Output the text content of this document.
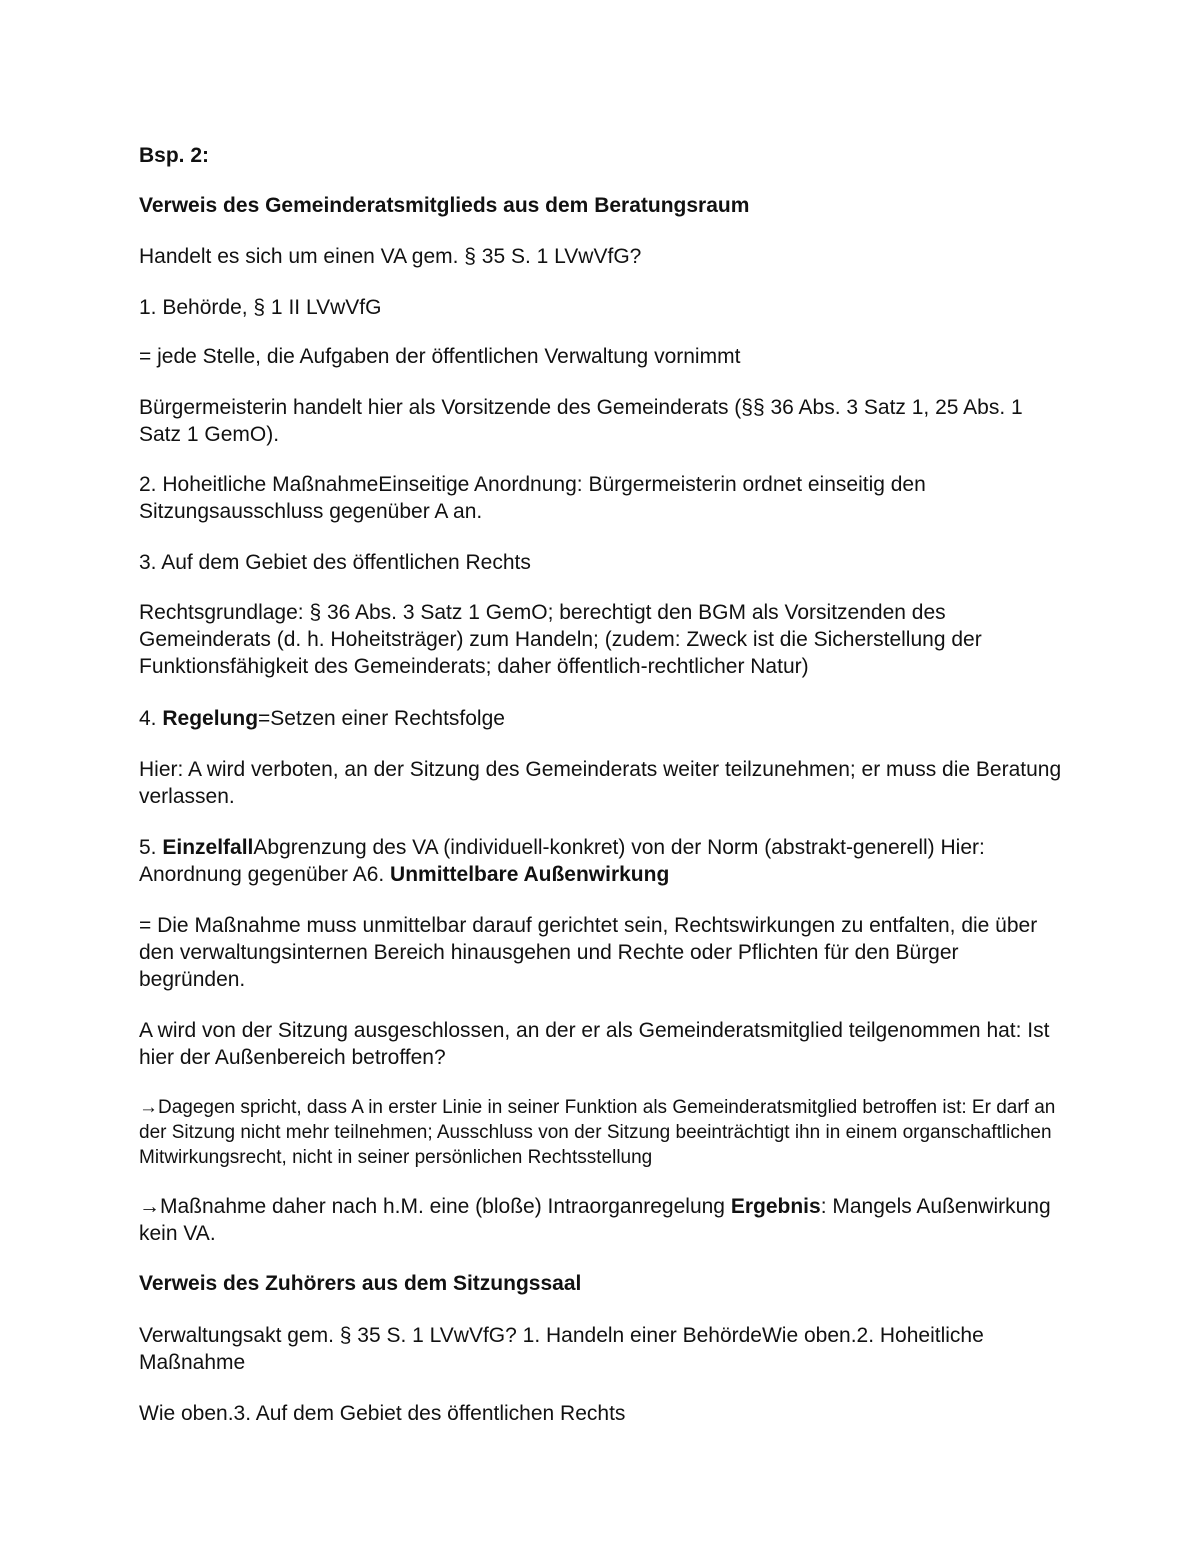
Bsp. 2:

Verweis des Gemeinderatsmitglieds aus dem Beratungsraum

Handelt es sich um einen VA gem. § 35 S. 1 LVwVfG?

1. Behörde, § 1 II LVwVfG

= jede Stelle, die Aufgaben der öffentlichen Verwaltung vornimmt

Bürgermeisterin handelt hier als Vorsitzende des Gemeinderats (§§ 36 Abs. 3 Satz 1, 25 Abs. 1 Satz 1 GemO).

2. Hoheitliche MaßnahmeEinseitige Anordnung: Bürgermeisterin ordnet einseitig den Sitzungsausschluss gegenüber A an.

3. Auf dem Gebiet des öffentlichen Rechts

Rechtsgrundlage: § 36 Abs. 3 Satz 1 GemO; berechtigt den BGM als Vorsitzenden des Gemeinderats (d. h. Hoheitsträger) zum Handeln; (zudem: Zweck ist die Sicherstellung der Funktionsfähigkeit des Gemeinderats; daher öffentlich-rechtlicher Natur)

4. Regelung=Setzen einer Rechtsfolge

Hier: A wird verboten, an der Sitzung des Gemeinderats weiter teilzunehmen; er muss die Beratung verlassen.

5. EinzelfallAbgrenzung des VA (individuell-konkret) von der Norm (abstrakt-generell) Hier: Anordnung gegenüber A6. Unmittelbare Außenwirkung

= Die Maßnahme muss unmittelbar darauf gerichtet sein, Rechtswirkungen zu entfalten, die über den verwaltungsinternen Bereich hinausgehen und Rechte oder Pflichten für den Bürger begründen.

A wird von der Sitzung ausgeschlossen, an der er als Gemeinderatsmitglied teilgenommen hat: Ist hier der Außenbereich betroffen?

→Dagegen spricht, dass A in erster Linie in seiner Funktion als Gemeinderatsmitglied betroffen ist: Er darf an der Sitzung nicht mehr teilnehmen; Ausschluss von der Sitzung beeinträchtigt ihn in einem organschaftlichen Mitwirkungsrecht, nicht in seiner persönlichen Rechtsstellung

→Maßnahme daher nach h.M. eine (bloße) Intraorganregelung Ergebnis: Mangels Außenwirkung kein VA.

Verweis des Zuhörers aus dem Sitzungssaal

Verwaltungsakt gem. § 35 S. 1 LVwVfG? 1. Handeln einer BehördeWie oben.2. Hoheitliche Maßnahme

Wie oben.3. Auf dem Gebiet des öffentlichen Rechts
